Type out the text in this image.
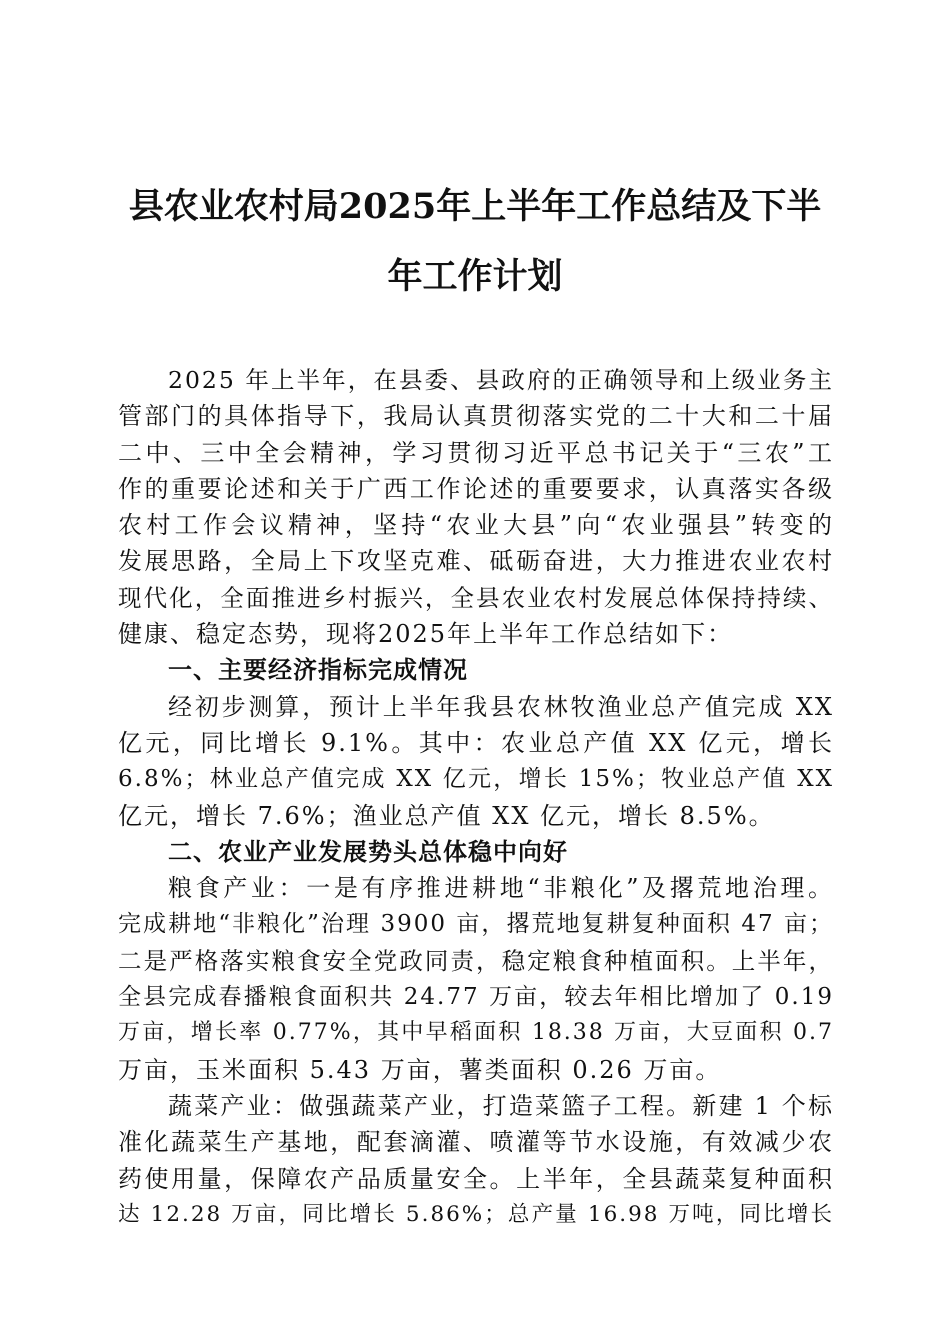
县农业农村局2025年上半年工作总结及下半
年工作计划
2025 年上半年，在县委、县政府的正确领导和上级业务主
管部门的具体指导下，我局认真贯彻落实党的二十大和二十届
二中、三中全会精神，学习贯彻习近平总书记关于“三农”工
作的重要论述和关于广西工作论述的重要要求，认真落实各级
农村工作会议精神，坚持“农业大县”向“农业强县”转变的
发展思路，全局上下攻坚克难、砥砺奋进，大力推进农业农村
现代化，全面推进乡村振兴，全县农业农村发展总体保持持续、
健康、稳定态势，现将2025年上半年工作总结如下：
一、主要经济指标完成情况
经初步测算，预计上半年我县农林牧渔业总产值完成 XX
亿元，同比增长 9.1%。其中：农业总产值 XX 亿元，增长
6.8%；林业总产值完成 XX 亿元，增长 15%；牧业总产值 XX
亿元，增长 7.6%；渔业总产值 XX 亿元，增长 8.5%。
二、农业产业发展势头总体稳中向好
粮食产业：一是有序推进耕地“非粮化”及撂荒地治理。
完成耕地“非粮化”治理 3900 亩，撂荒地复耕复种面积 47 亩；
二是严格落实粮食安全党政同责，稳定粮食种植面积。上半年，
全县完成春播粮食面积共 24.77 万亩，较去年相比增加了 0.19
万亩，增长率 0.77%，其中早稻面积 18.38 万亩，大豆面积 0.7
万亩，玉米面积 5.43 万亩，薯类面积 0.26 万亩。
蔬菜产业：做强蔬菜产业，打造菜篮子工程。新建 1 个标
准化蔬菜生产基地，配套滴灌、喷灌等节水设施，有效减少农
药使用量，保障农产品质量安全。上半年，全县蔬菜复种面积
达 12.28 万亩，同比增长 5.86%；总产量 16.98 万吨，同比增长
